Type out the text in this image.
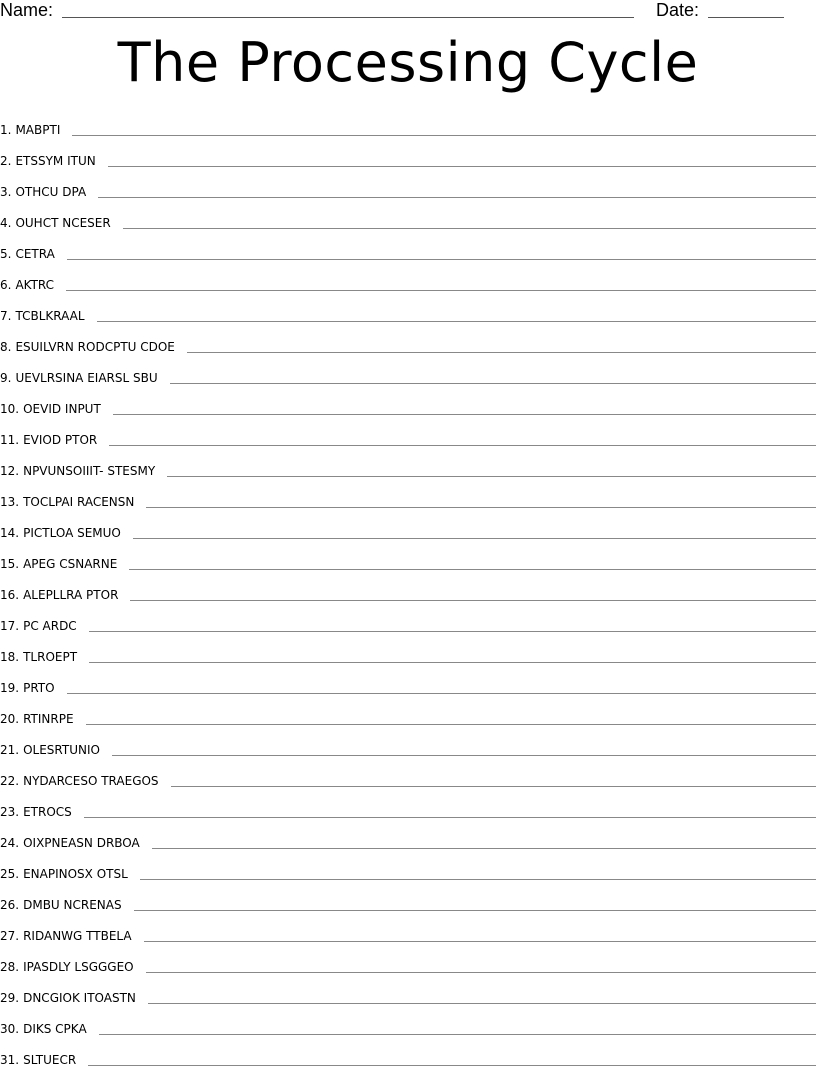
Name:	Date:
The Processing Cycle
1. MABPTI
2. ETSSYM ITUN
3. OTHCU DPA
4. OUHCT NCESER
5. CETRA
6. AKTRC
7. TCBLKRAAL
8. ESUILVRN RODCPTU CDOE
9. UEVLRSINA EIARSL SBU
10. OEVID INPUT
11. EVIOD PTOR
12. NPVUNSOIIIT- STESMY
13. TOCLPAI RACENSN
14. PICTLOA SEMUO
15. APEG CSNARNE
16. ALEPLLRA PTOR
17. PC ARDC
18. TLROEPT
19. PRTO
20. RTINRPE
21. OLESRTUNIO
22. NYDARCESO TRAEGOS
23. ETROCS
24. OIXPNEASN DRBOA
25. ENAPINOSX OTSL
26. DMBU NCRENAS
27. RIDANWG TTBELA
28. IPASDLY LSGGGEO
29. DNCGIOK ITOASTN
30. DIKS CPKA
31. SLTUECR
